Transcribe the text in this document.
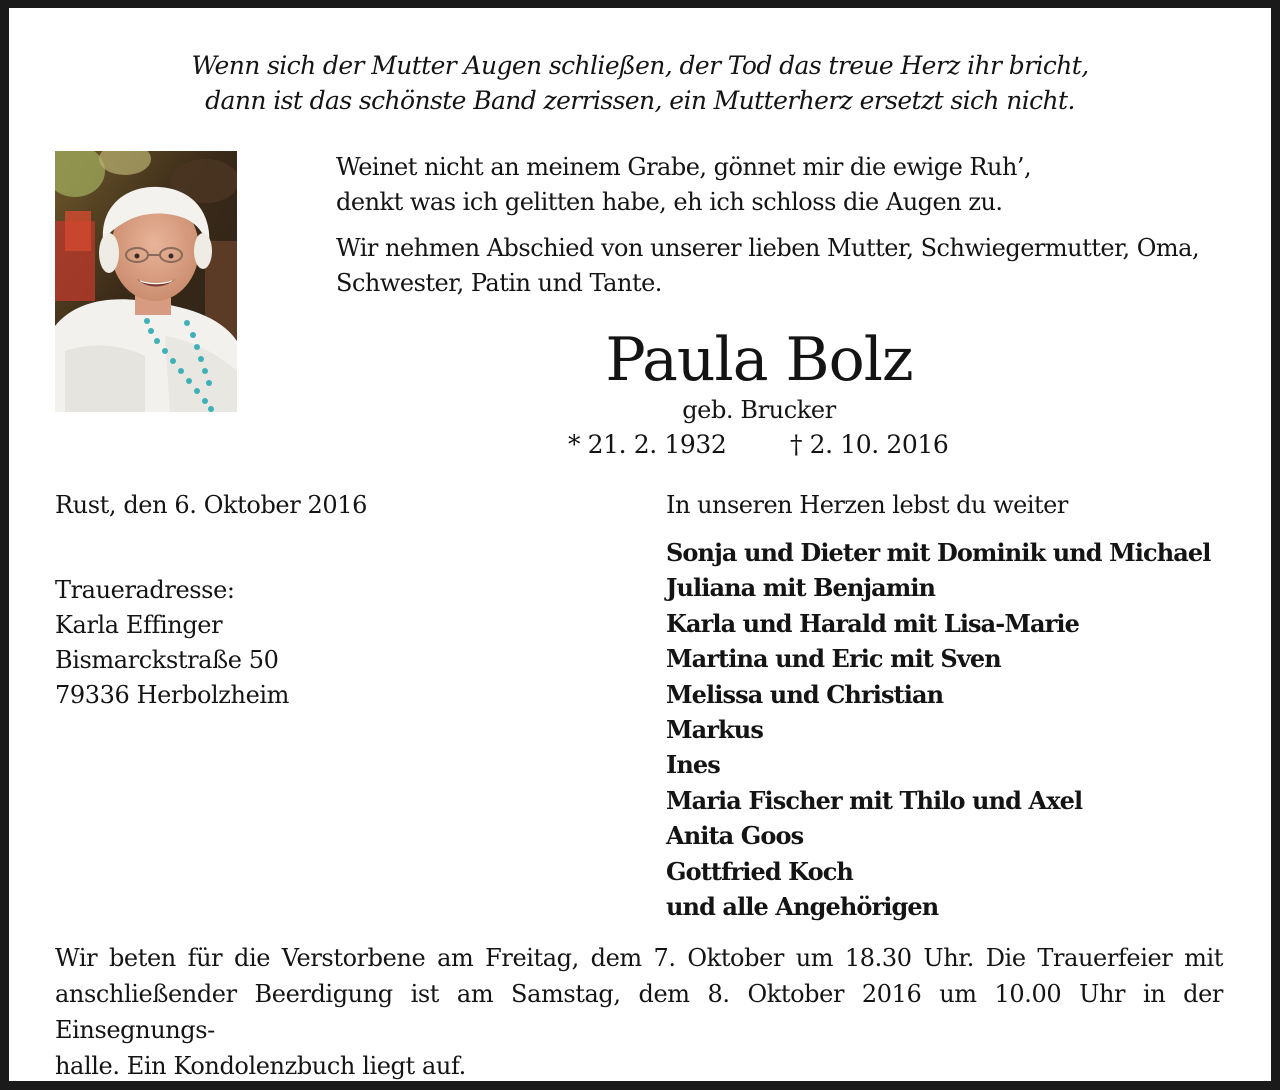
Wenn sich der Mutter Augen schließen, der Tod das treue Herz ihr bricht,
dann ist das schönste Band zerrissen, ein Mutterherz ersetzt sich nicht.
Weinet nicht an meinem Grabe, gönnet mir die ewige Ruh’,
denkt was ich gelitten habe, eh ich schloss die Augen zu.
Wir nehmen Abschied von unserer lieben Mutter, Schwiegermutter, Oma,
Schwester, Patin und Tante.
Paula Bolz
geb. Brucker
* 21. 2. 1932	† 2. 10. 2016
Rust, den 6. Oktober 2016
Traueradresse:
Karla Effinger
Bismarckstraße 50
79336 Herbolzheim
In unseren Herzen lebst du weiter
Sonja und Dieter mit Dominik und Michael
Juliana mit Benjamin
Karla und Harald mit Lisa-Marie
Martina und Eric mit Sven
Melissa und Christian
Markus
Ines
Maria Fischer mit Thilo und Axel
Anita Goos
Gottfried Koch
und alle Angehörigen
Wir beten für die Verstorbene am Freitag, dem 7. Oktober um 18.30 Uhr. Die Trauerfeier mit
anschließender Beerdigung ist am Samstag, dem 8. Oktober 2016 um 10.00 Uhr in der Einsegnungs-
halle. Ein Kondolenzbuch liegt auf.
